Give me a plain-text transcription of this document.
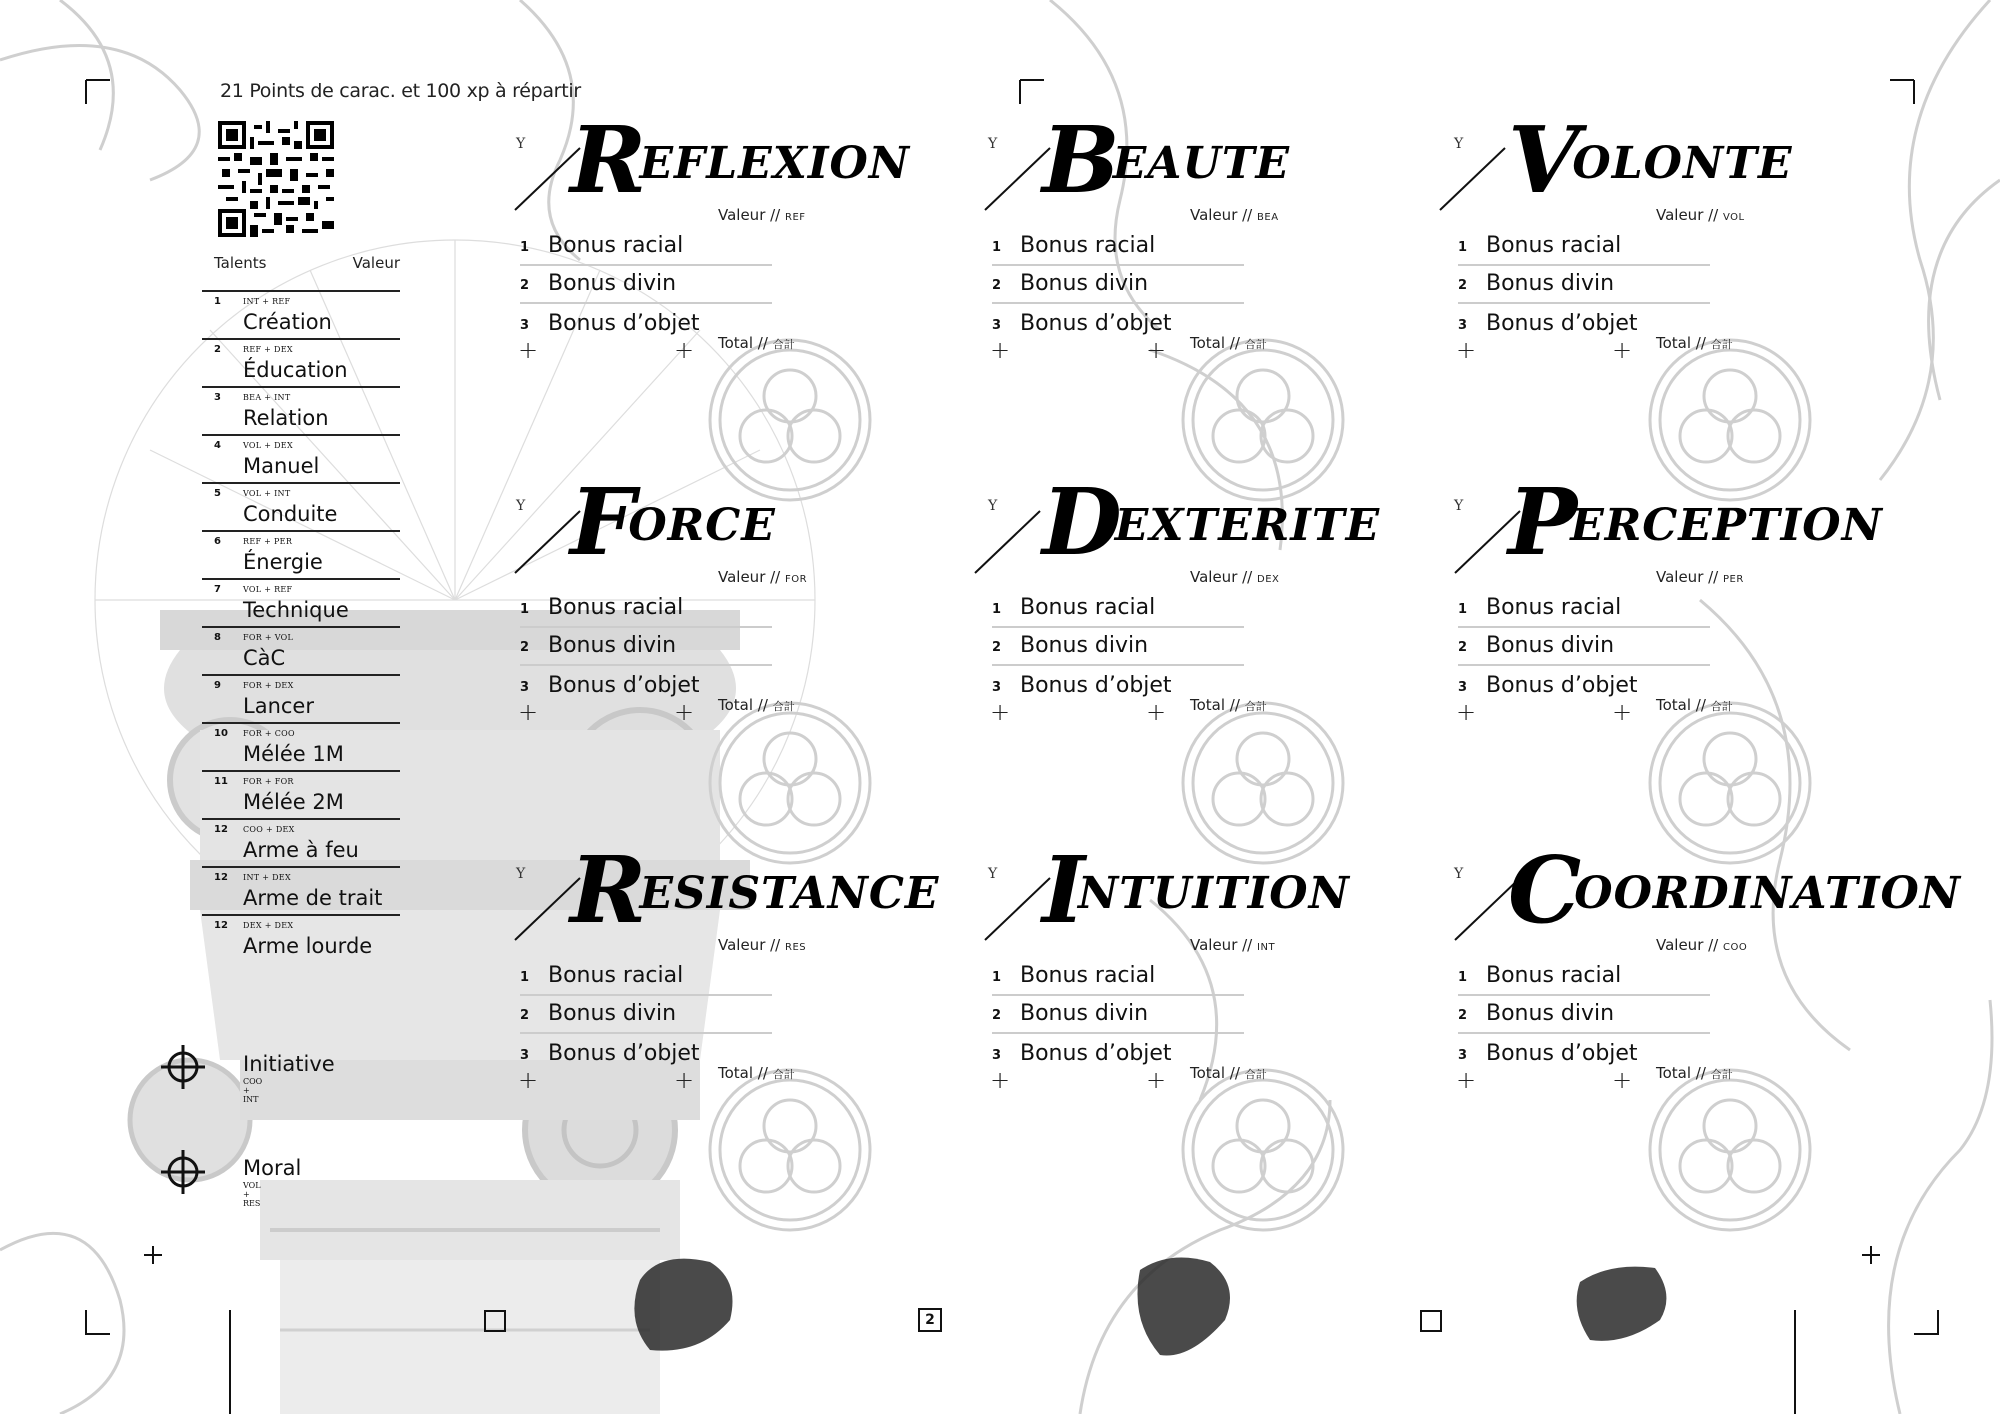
21 Points de carac. et 100 xp à répartir
Talents	Valeur
1	INT + REF
Création
2	REF + DEX
Éducation
3	BEA + INT
Relation
4	VOL + DEX
Manuel
5	VOL + INT
Conduite
6	REF + PER
Énergie
7	VOL + REF
Technique
8	FOR + VOL
CàC
9	FOR + DEX
Lancer
10 FOR + COO
Mélée 1M
11 FOR + FOR
Mélée 2M
12 COO + DEX
Arme à feu
12 INT + DEX
Arme de trait
12 DEX + DEX
Arme lourde
Initiative
COO + INT
Moral
VOL + RES
Y REFLEXION
Valeur // REF
1 Bonus racial
2 Bonus divin
3 Bonus d’objet
+	+ Total // 合計
Y BEAUTE
Valeur // BEA
1 Bonus racial
2 Bonus divin
3 Bonus d’objet
+	+ Total // 合計
Y VOLONTE
Valeur // VOL
1 Bonus racial
2 Bonus divin
3 Bonus d’objet
+	+ Total // 合計
Y FORCE
Valeur // FOR
1 Bonus racial
2 Bonus divin
3 Bonus d’objet
+	+ Total // 合計
Y DEXTERITE
Valeur // DEX
1 Bonus racial
2 Bonus divin
3 Bonus d’objet
+	+ Total // 合計
Y PERCEPTION
Valeur // PER
1 Bonus racial
2 Bonus divin
3 Bonus d’objet
+	+ Total // 合計
Y RESISTANCE
Valeur // RES
1 Bonus racial
2 Bonus divin
3 Bonus d’objet
+	+ Total // 合計
Y INTUITION
Valeur // INT
1 Bonus racial
2 Bonus divin
3 Bonus d’objet
+	+ Total // 合計
Y COORDINATION
Valeur // COO
1 Bonus racial
2 Bonus divin
3 Bonus d’objet
+	+ Total // 合計
2
